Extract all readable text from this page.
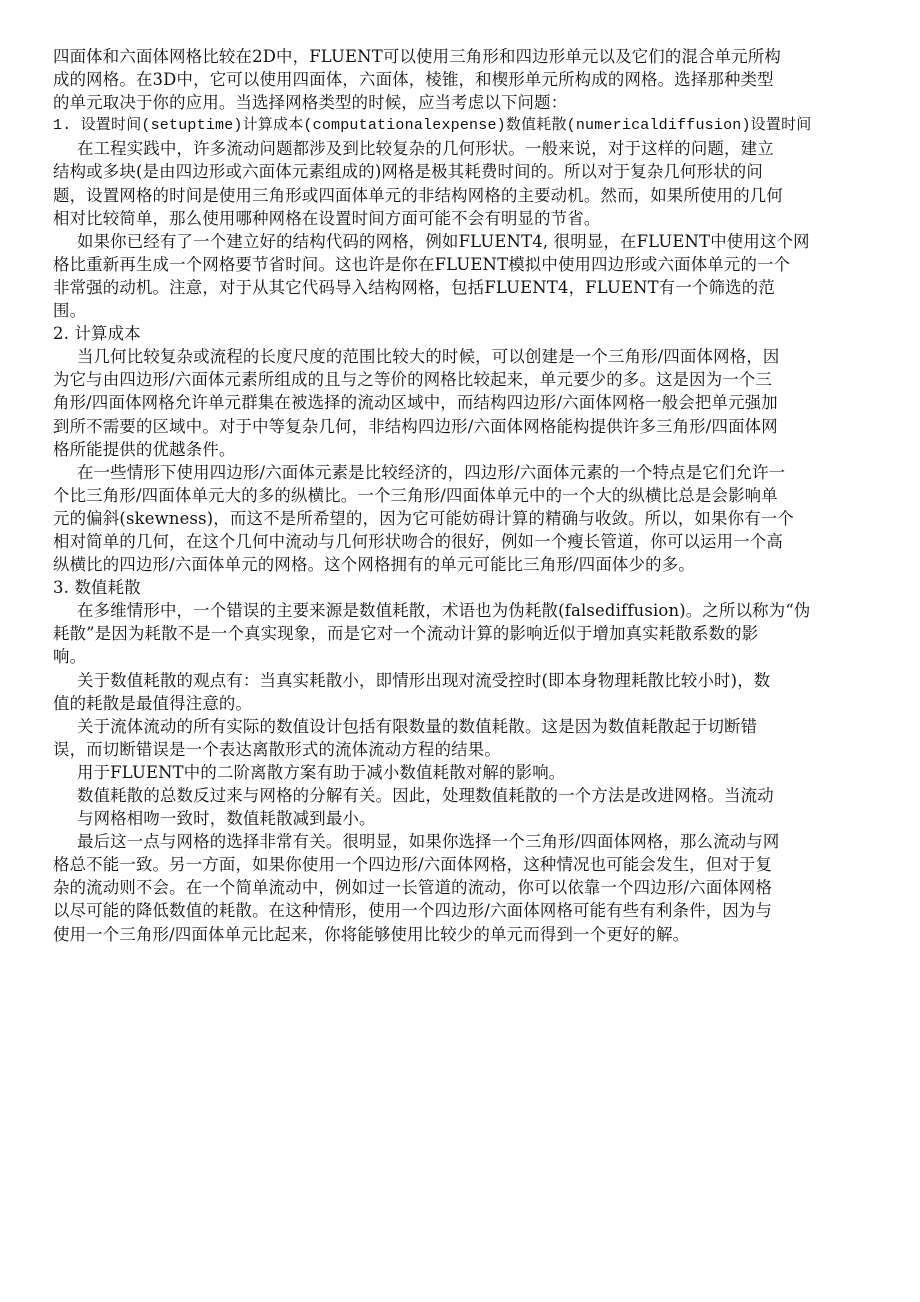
四面体和六面体网格比较在2D中，FLUENT可以使用三角形和四边形单元以及它们的混合单元所构
成的网格。在3D中，它可以使用四面体，六面体，棱锥，和楔形单元所构成的网格。选择那种类型
的单元取决于你的应用。当选择网格类型的时候，应当考虑以下问题：
1. 设置时间(setuptime)计算成本(computationalexpense)数值耗散(numericaldiffusion)设置时间
在工程实践中，许多流动问题都涉及到比较复杂的几何形状。一般来说，对于这样的问题，建立
结构或多块(是由四边形或六面体元素组成的)网格是极其耗费时间的。所以对于复杂几何形状的问
题，设置网格的时间是使用三角形或四面体单元的非结构网格的主要动机。然而，如果所使用的几何
相对比较简单，那么使用哪种网格在设置时间方面可能不会有明显的节省。
如果你已经有了一个建立好的结构代码的网格，例如FLUENT4, 很明显，在FLUENT中使用这个网
格比重新再生成一个网格要节省时间。这也许是你在FLUENT模拟中使用四边形或六面体单元的一个
非常强的动机。注意，对于从其它代码导入结构网格，包括FLUENT4，FLUENT有一个筛选的范
围。
2. 计算成本
当几何比较复杂或流程的长度尺度的范围比较大的时候，可以创建是一个三角形/四面体网格，因
为它与由四边形/六面体元素所组成的且与之等价的网格比较起来，单元要少的多。这是因为一个三
角形/四面体网格允许单元群集在被选择的流动区域中，而结构四边形/六面体网格一般会把单元强加
到所不需要的区域中。对于中等复杂几何，非结构四边形/六面体网格能构提供许多三角形/四面体网
格所能提供的优越条件。
在一些情形下使用四边形/六面体元素是比较经济的，四边形/六面体元素的一个特点是它们允许一
个比三角形/四面体单元大的多的纵横比。一个三角形/四面体单元中的一个大的纵横比总是会影响单
元的偏斜(skewness)，而这不是所希望的，因为它可能妨碍计算的精确与收敛。所以，如果你有一个
相对简单的几何，在这个几何中流动与几何形状吻合的很好，例如一个瘦长管道，你可以运用一个高
纵横比的四边形/六面体单元的网格。这个网格拥有的单元可能比三角形/四面体少的多。
3. 数值耗散
在多维情形中，一个错误的主要来源是数值耗散，术语也为伪耗散(falsediffusion)。之所以称为“伪
耗散”是因为耗散不是一个真实现象，而是它对一个流动计算的影响近似于增加真实耗散系数的影
响。
关于数值耗散的观点有：当真实耗散小，即情形出现对流受控时(即本身物理耗散比较小时)，数
值的耗散是最值得注意的。
关于流体流动的所有实际的数值设计包括有限数量的数值耗散。这是因为数值耗散起于切断错
误，而切断错误是一个表达离散形式的流体流动方程的结果。
用于FLUENT中的二阶离散方案有助于减小数值耗散对解的影响。
数值耗散的总数反过来与网格的分解有关。因此，处理数值耗散的一个方法是改进网格。当流动
与网格相吻一致时，数值耗散减到最小。
最后这一点与网格的选择非常有关。很明显，如果你选择一个三角形/四面体网格，那么流动与网
格总不能一致。另一方面，如果你使用一个四边形/六面体网格，这种情况也可能会发生，但对于复
杂的流动则不会。在一个简单流动中，例如过一长管道的流动，你可以依靠一个四边形/六面体网格
以尽可能的降低数值的耗散。在这种情形，使用一个四边形/六面体网格可能有些有利条件，因为与
使用一个三角形/四面体单元比起来，你将能够使用比较少的单元而得到一个更好的解。
